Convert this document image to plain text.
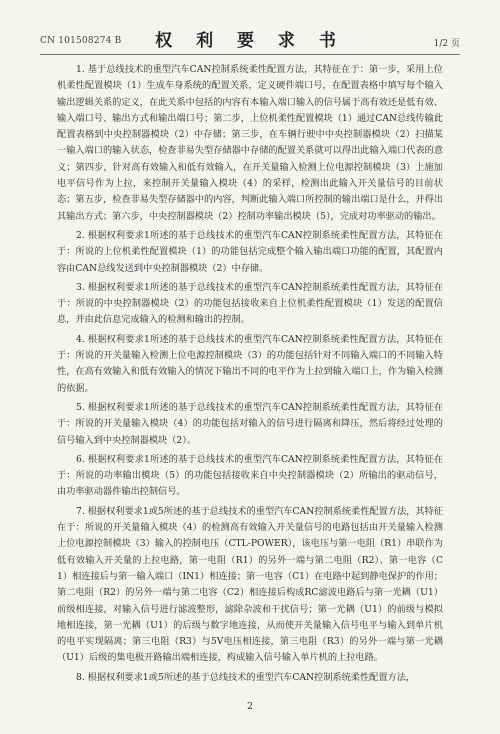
CN 101508274 B	权 利 要 求 书	1/2 页

1. 基于总线技术的重型汽车CAN控制系统柔性配置方法，其特征在于：第一步，采用上位机柔性配置模块（1）生成车身系统的配置关系，定义硬件端口号，在配置表格中填写每个输入输出逻辑关系的定义，在此关系中包括的内容有本输入端口输入的信号属于高有效还是低有效、输入端口号、输出方式和输出端口号；第二步，上位机柔性配置模块（1）通过CAN总线传输此配置表格到中央控制器模块（2）中存储；第三步，在车辆行驶中中央控制器模块（2）扫描某一输入端口的输入状态，检查非易失型存储器中存储的配置关系就可以得出此输入端口代表的意义；第四步，针对高有效输入和低有效输入，在开关量输入检测上位电源控制模块（3）上施加电平信号作为上拉，来控制开关量输入模块（4）的采样，检测出此输入开关量信号的目前状态；第五步，检查非易失型存储器中的内容，判断此输入端口所控制的输出端口是什么，并得出其输出方式；第六步，中央控制器模块（2）控制功率输出模块（5），完成对功率驱动的输出。

2. 根据权利要求1所述的基于总线技术的重型汽车CAN控制系统柔性配置方法，其特征在于：所说的上位机柔性配置模块（1）的功能包括完成整个输入输出端口功能的配置，其配置内容由CAN总线发送到中央控制器模块（2）中存储。

3. 根据权利要求1所述的基于总线技术的重型汽车CAN控制系统柔性配置方法，其特征在于：所说的中央控制器模块（2）的功能包括接收来自上位机柔性配置模块（1）发送的配置信息，并由此信息完成输入的检测和输出的控制。

4. 根据权利要求1所述的基于总线技术的重型汽车CAN控制系统柔性配置方法，其特征在于：所说的开关量输入检测上位电源控制模块（3）的功能包括针对不同输入端口的不同输入特性，在高有效输入和低有效输入的情况下输出不同的电平作为上拉到输入端口上，作为输入检测的依据。

5. 根据权利要求1所述的基于总线技术的重型汽车CAN控制系统柔性配置方法，其特征在于：所说的开关量输入模块（4）的功能包括对输入的信号进行隔离和降压，然后将经过处理的信号输入到中央控制器模块（2）。

6. 根据权利要求1所述的基于总线技术的重型汽车CAN控制系统柔性配置方法，其特征在于：所说的功率输出模块（5）的功能包括接收来自中央控制器模块（2）所输出的驱动信号，由功率驱动器件输出控制信号。

7. 根据权利要求1或5所述的基于总线技术的重型汽车CAN控制系统柔性配置方法，其特征在于：所说的开关量输入模块（4）的检测高有效输入开关量信号的电路包括由开关量输入检测上位电源控制模块（3）输入的控制电压（CTL-POWER），该电压与第一电阻（R1）串联作为低有效输入开关量的上拉电路，第一电阻（R1）的另外一端与第二电阻（R2）、第一电容（C1）相连接后与第一输入端口（IN1）相连接；第一电容（C1）在电路中起到静电保护的作用；第二电阻（R2）的另外一端与第二电容（C2）相连接后构成RC滤波电路后与第一光耦（U1）前级相连接，对输入信号进行滤波整形，滤除杂波和干扰信号；第一光耦（U1）的前级与模拟地相连接，第一光耦（U1）的后级与数字地连接，从而使开关量输入信号电平与输入到单片机的电平实现隔离；第三电阻（R3）与5V电压相连接，第三电阻（R3）的另外一端与第一光耦（U1）后级的集电极开路输出端相连接，构成输入信号输入单片机的上拉电路。

8. 根据权利要求1或5所述的基于总线技术的重型汽车CAN控制系统柔性配置方法，

2
